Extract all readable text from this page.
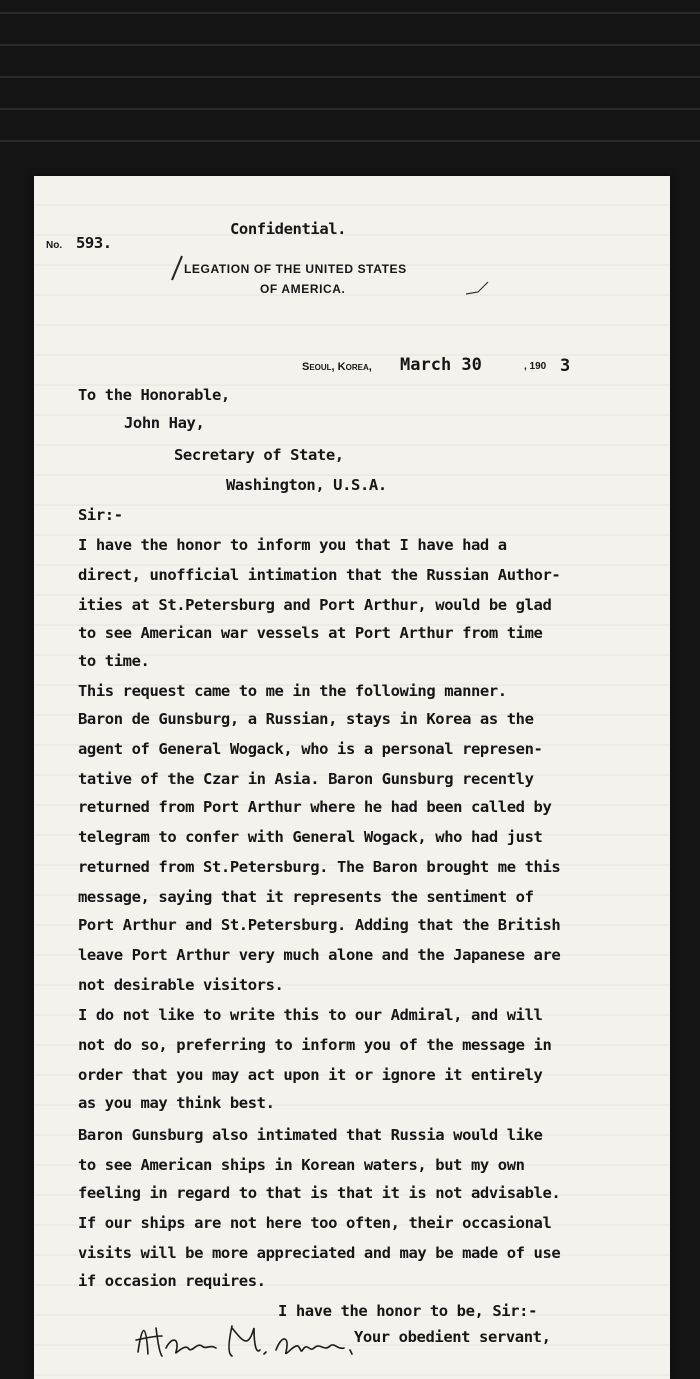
Confidential.
No. 593.
LEGATION OF THE UNITED STATES
OF AMERICA.
Seoul, Korea, March 30	, 190 3
To the Honorable,
John Hay,
Secretary of State,
Washington, U.S.A.
Sir:-
I have the honor to inform you that I have had a
direct, unofficial intimation that the Russian Author-
ities at St.Petersburg and Port Arthur, would be glad
to see American war vessels at Port Arthur from time
to time.
This request came to me in the following manner.
Baron de Gunsburg, a Russian, stays in Korea as the
agent of General Wogack, who is a personal represen-
tative of the Czar in Asia. Baron Gunsburg recently
returned from Port Arthur where he had been called by
telegram to confer with General Wogack, who had just
returned from St.Petersburg. The Baron brought me this
message, saying that it represents the sentiment of
Port Arthur and St.Petersburg. Adding that the British
leave Port Arthur very much alone and the Japanese are
not desirable visitors.
I do not like to write this to our Admiral, and will
not do so, preferring to inform you of the message in
order that you may act upon it or ignore it entirely
as you may think best.
Baron Gunsburg also intimated that Russia would like
to see American ships in Korean waters, but my own
feeling in regard to that is that it is not advisable.
If our ships are not here too often, their occasional
visits will be more appreciated and may be made of use
if occasion requires.
I have the honor to be, Sir:-
Your obedient servant,
